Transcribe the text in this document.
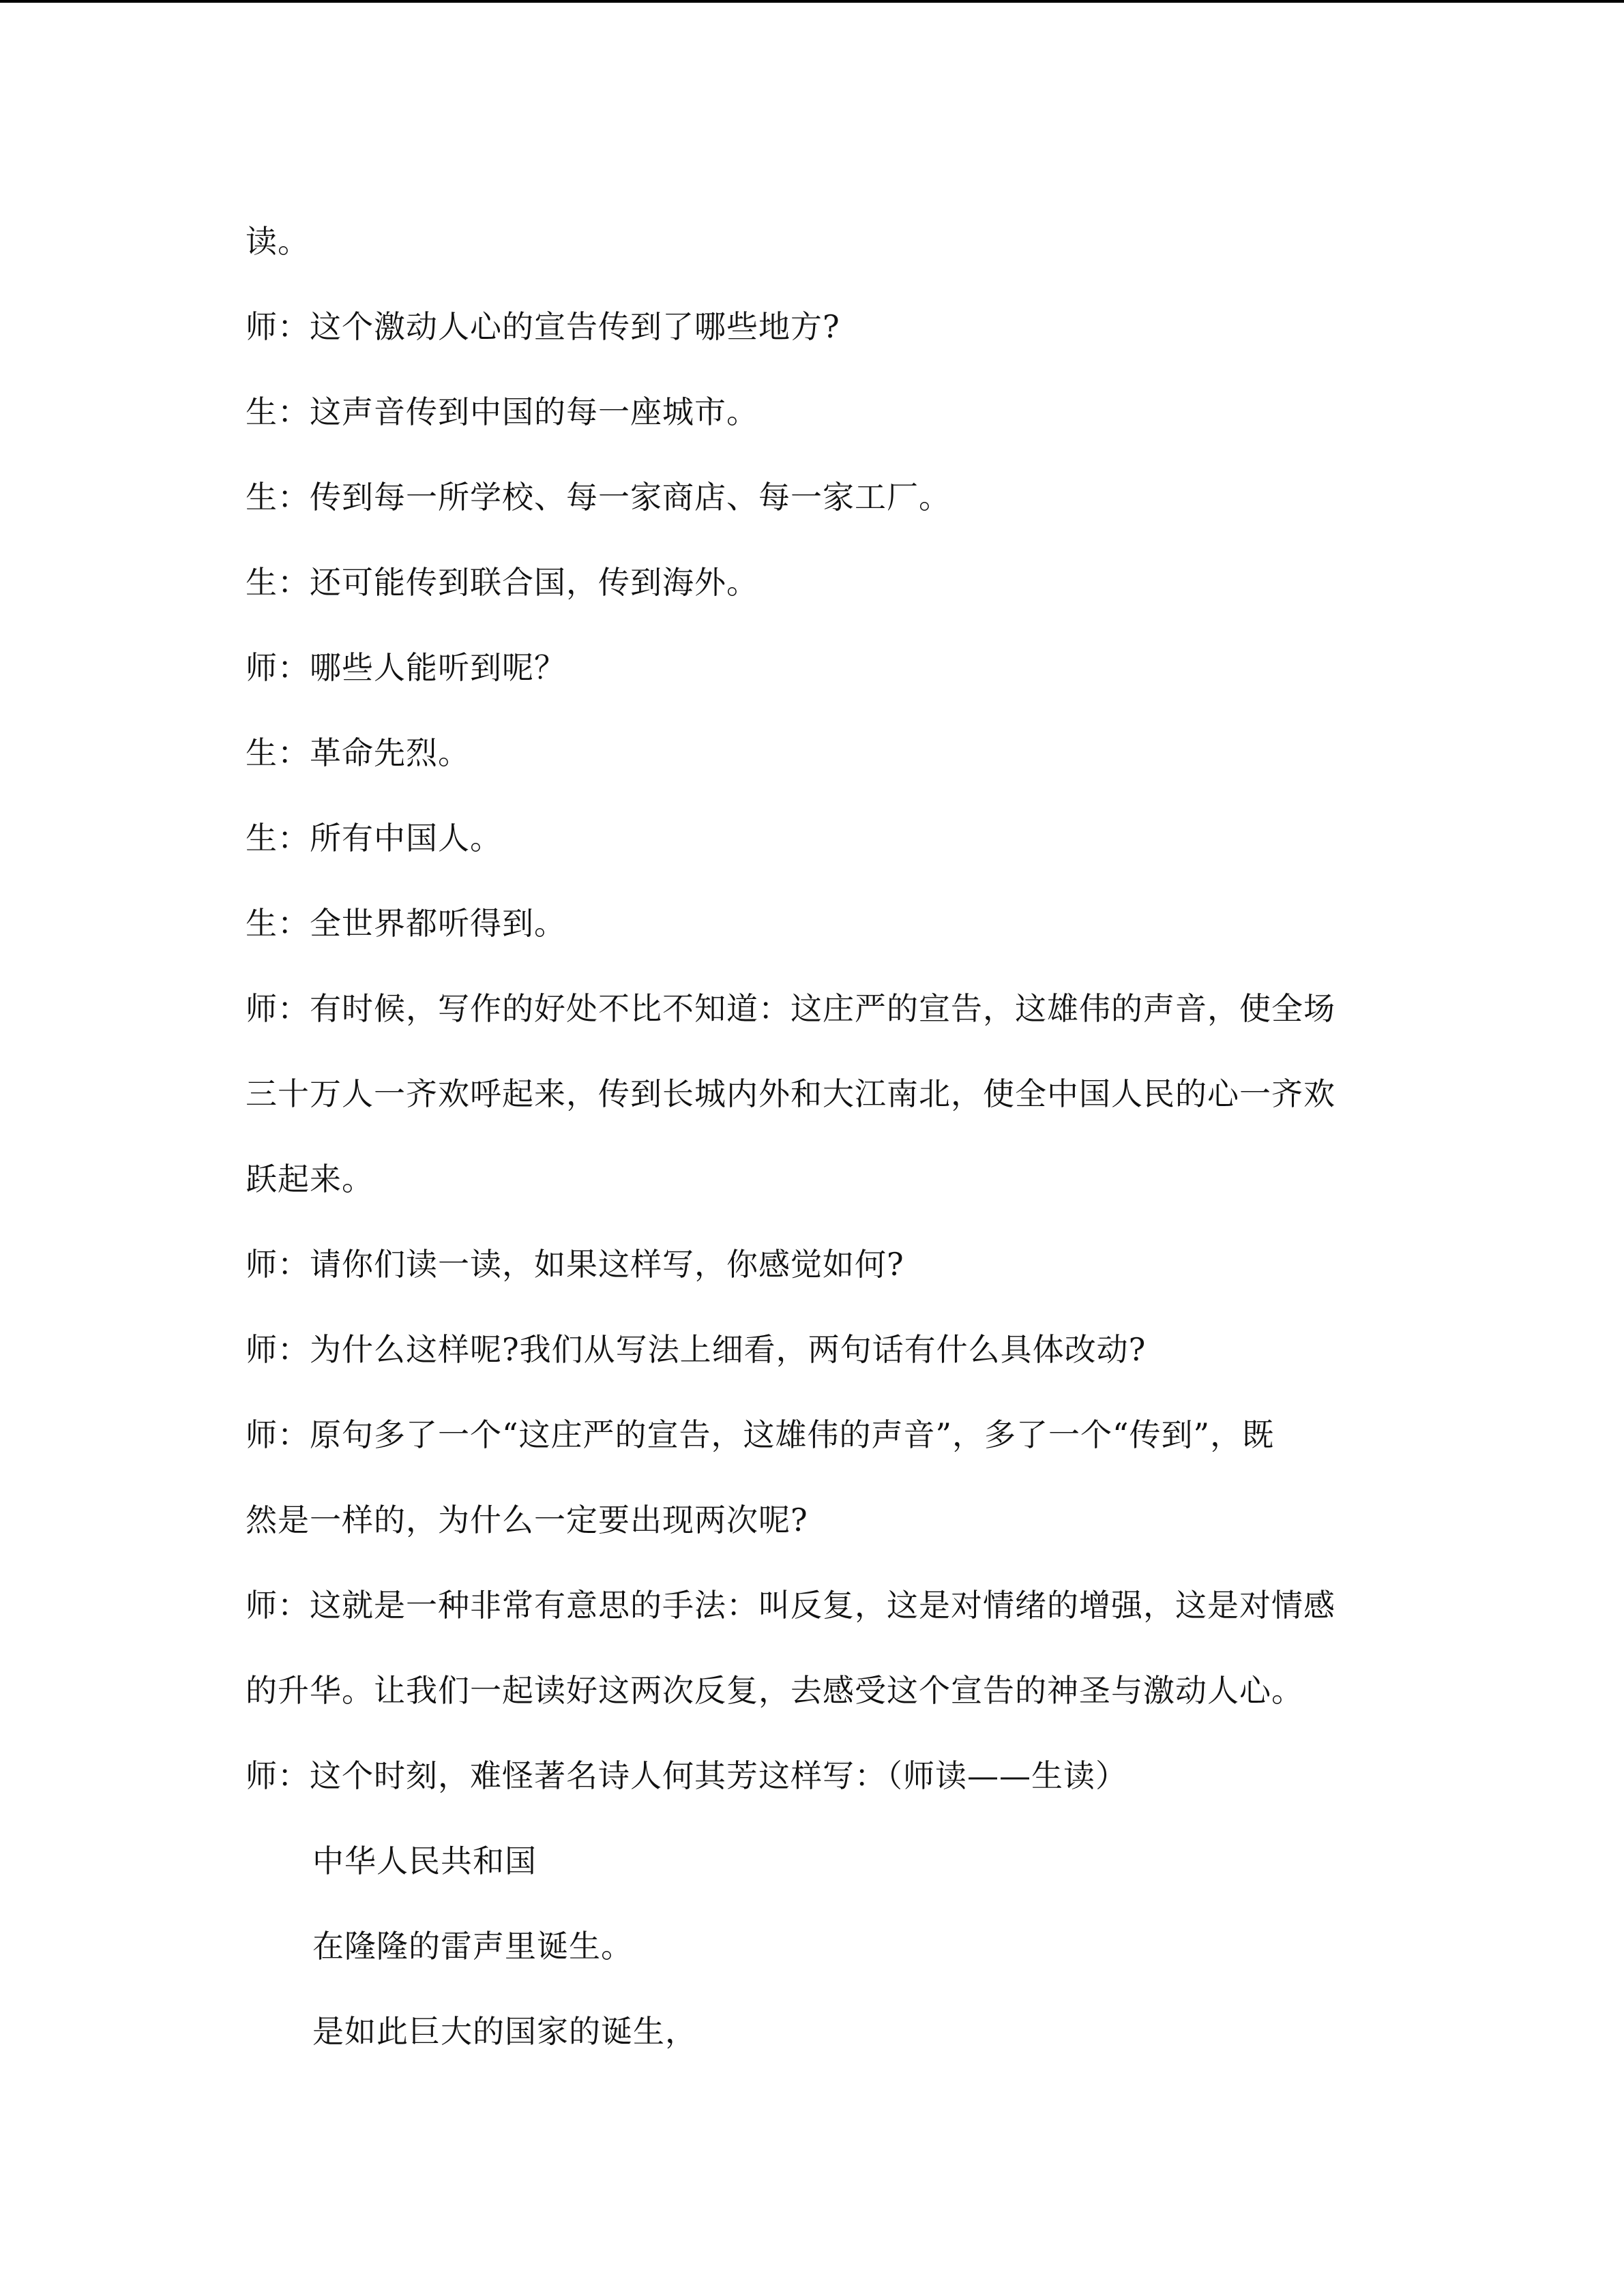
读。

师：这个激动人心的宣告传到了哪些地方?

生：这声音传到中国的每一座城市。

生：传到每一所学校、每一家商店、每一家工厂。

生：还可能传到联合国，传到海外。

师：哪些人能听到呢？

生：革命先烈。

生：所有中国人。

生：全世界都听得到。

师：有时候，写作的好处不比不知道：这庄严的宣告，这雄伟的声音，使全场

三十万人一齐欢呼起来，传到长城内外和大江南北，使全中国人民的心一齐欢

跃起来。

师：请你们读一读，如果这样写，你感觉如何?

师：为什么这样呢?我们从写法上细看，两句话有什么具体改动?

师：原句多了一个“这庄严的宣告，这雄伟的声音”，多了一个“传到”，既

然是一样的，为什么一定要出现两次呢?

师：这就是一种非常有意思的手法：叫反复，这是对情绪的增强，这是对情感

的升华。让我们一起读好这两次反复，去感受这个宣告的神圣与激动人心。

师：这个时刻，难怪著名诗人何其芳这样写：（师读——生读）

中华人民共和国

在隆隆的雷声里诞生。

是如此巨大的国家的诞生，
